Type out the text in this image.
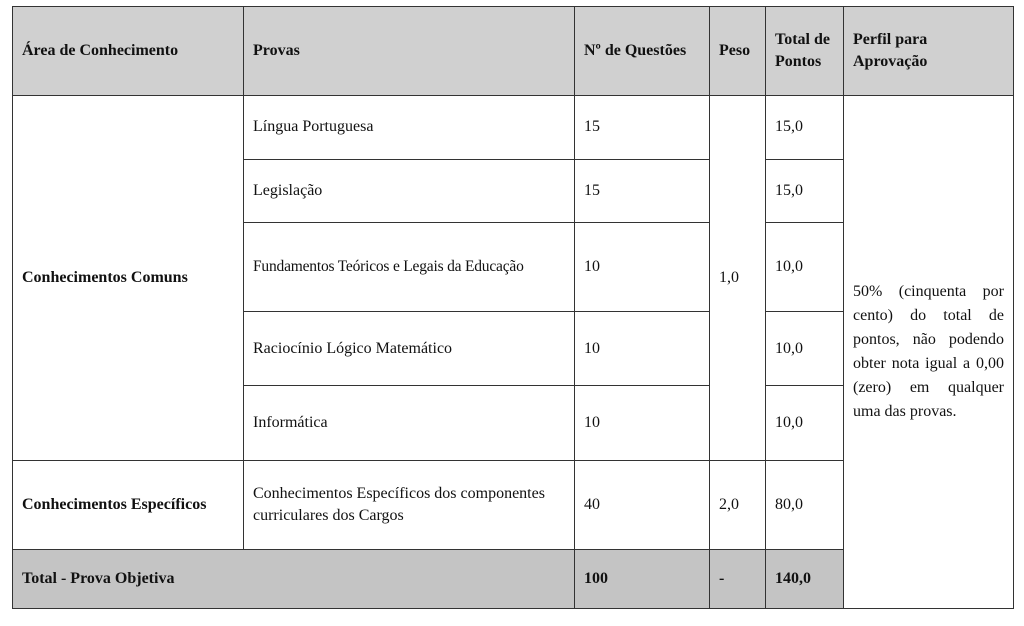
Área de Conhecimento	Provas	Nº de Questões	Peso	Total de Pontos	Perfil para Aprovação
Conhecimentos Comuns	Língua Portuguesa	15	1,0	15,0	50% (cinquenta por cento) do total de pontos, não podendo obter nota igual a 0,00 (zero) em qualquer uma das provas.

	Legislação	15		15,0	
	Fundamentos Teóricos e Legais da Educação	10		10,0	
	Raciocínio Lógico Matemático	10		10,0	
	Informática	10		10,0	
Conhecimentos Específicos	Conhecimentos Específicos dos componentes curriculares dos Cargos	40	2,0	80,0	
Total - Prova Objetiva		100	-	140,0	
